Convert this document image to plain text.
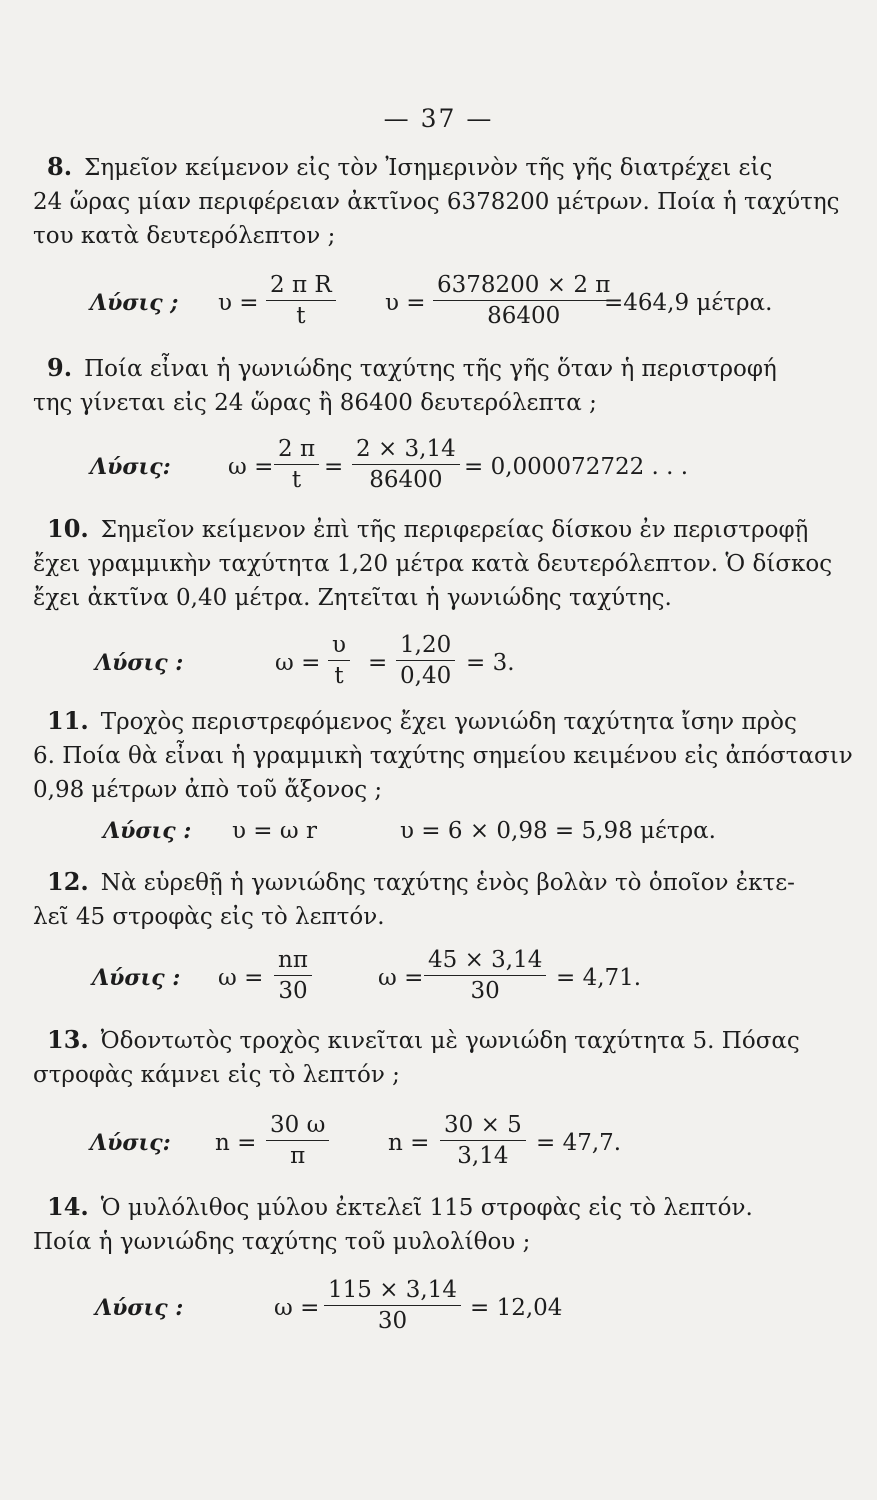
— 37 —
8. Σημεῖον κείμενον εἰς τὸν Ἰσημερινὸν τῆς γῆς διατρέχει εἰς
24 ὥρας μίαν περιφέρειαν ἀκτῖνος 6378200 μέτρων. Ποία ἡ ταχύτης
του κατὰ δευτερόλεπτον ;
Λύσις ; $\upsilon = \frac{\text{2 π R}}{t}$ $\upsilon = \frac{6378200 \times 2 \pi}{86400}$
=464,9 μέτρα.
9. Ποία εἶναι ἡ γωνιώδης ταχύτης τῆς γῆς ὅταν ἡ περιστροφή
της γίνεται εἰς 24 ὥρας ἢ 86400 δευτερόλεπτα ;
Λύσις: $\omega = \frac{2 \pi}{t} = \frac{2 \times 3,14}{86400} = 0,000072722$ . . .
10. Σημεῖον κείμενον ἐπὶ τῆς περιφερείας δίσκου ἐν περιστροφῇ
ἔχει γραμμικὴν ταχύτητα 1,20 μέτρα κατὰ δευτερόλεπτον. Ὁ δίσκος
ἔχει ἀκτῖνα 0,40 μέτρα. Ζητεῖται ἡ γωνιώδης ταχύτης.
Λύσις :	$\omega = \frac{\upsilon}{t} = \frac{1,20}{0,40} = 3$.
11. Τροχὸς περιστρεφόμενος ἔχει γωνιώδη ταχύτητα ἴσην πρὸς
6. Ποία θὰ εἶναι ἡ γραμμικὴ ταχύτης σημείου κειμένου εἰς ἀπόστασιν
0,98 μέτρων ἀπὸ τοῦ ἄξονος ;
Λύσις : υ = ω r	υ = 6 × 0,98 = 5,98 μέτρα.
12. Νὰ εὑρεθῇ ἡ γωνιώδης ταχύτης ἑνὸς βολὰν τὸ ὁποῖον ἐκτε-
λεῖ 45 στροφὰς εἰς τὸ λεπτόν.
Λύσις : $\omega = \frac{n\pi}{30}$	$\omega = \frac{45 \times 3,14}{30} = 4,71$.
13. Ὀδοντωτὸς τροχὸς κινεῖται μὲ γωνιώδη ταχύτητα 5. Πόσας
στροφὰς κάμνει εἰς τὸ λεπτόν ;
Λύσις: $n = \frac{30 \omega}{\pi}$	$n = \frac{30 \times 5}{3,14} = 47,7$.
14. Ὁ μυλόλιθος μύλου ἐκτελεῖ 115 στροφὰς εἰς τὸ λεπτόν.
Ποία ἡ γωνιώδης ταχύτης τοῦ μυλολίθου ;
Λύσις :	$\omega = \frac{115 \times 3,14}{30} = 12,04$
